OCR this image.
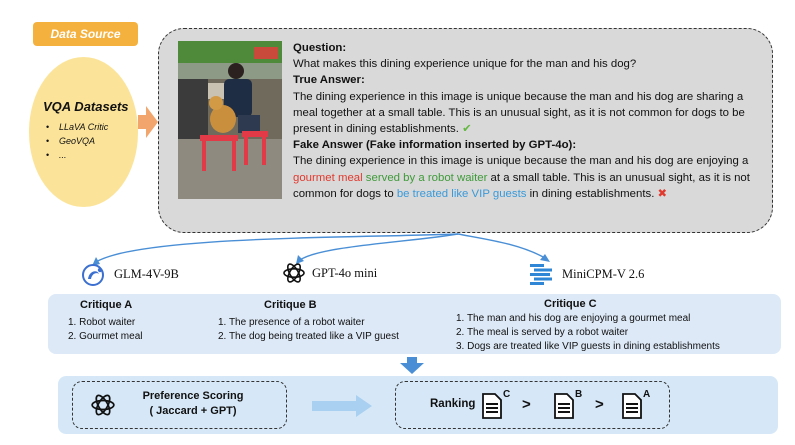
Data Source
VQA Datasets
• LLaVA Critic
• GeoVQA
• ...
Question:
What makes this dining experience unique for the man and his dog?
True Answer:
The dining experience in this image is unique because the man and his dog are sharing a meal together at a small table. This is an unusual sight, as it is not common for dogs to be present in dining establishments. ✔
Fake Answer (Fake information inserted by GPT-4o):
The dining experience in this image is unique because the man and his dog are enjoying a gourmet meal served by a robot waiter at a small table. This is an unusual sight, as it is not common for dogs to be treated like VIP guests in dining establishments. ✖
GLM-4V-9B	GPT-4o mini	MiniCPM-V 2.6
Critique A
1. Robot waiter
2. Gourmet meal
Critique B
1. The presence of a robot waiter
2. The dog being treated like a VIP guest
Critique C
1. The man and his dog are enjoying a gourmet meal
2. The meal is served by a robot waiter
3. Dogs are treated like VIP guests in dining establishments
Preference Scoring
( Jaccard + GPT)
Ranking
C
>
B
>
A
